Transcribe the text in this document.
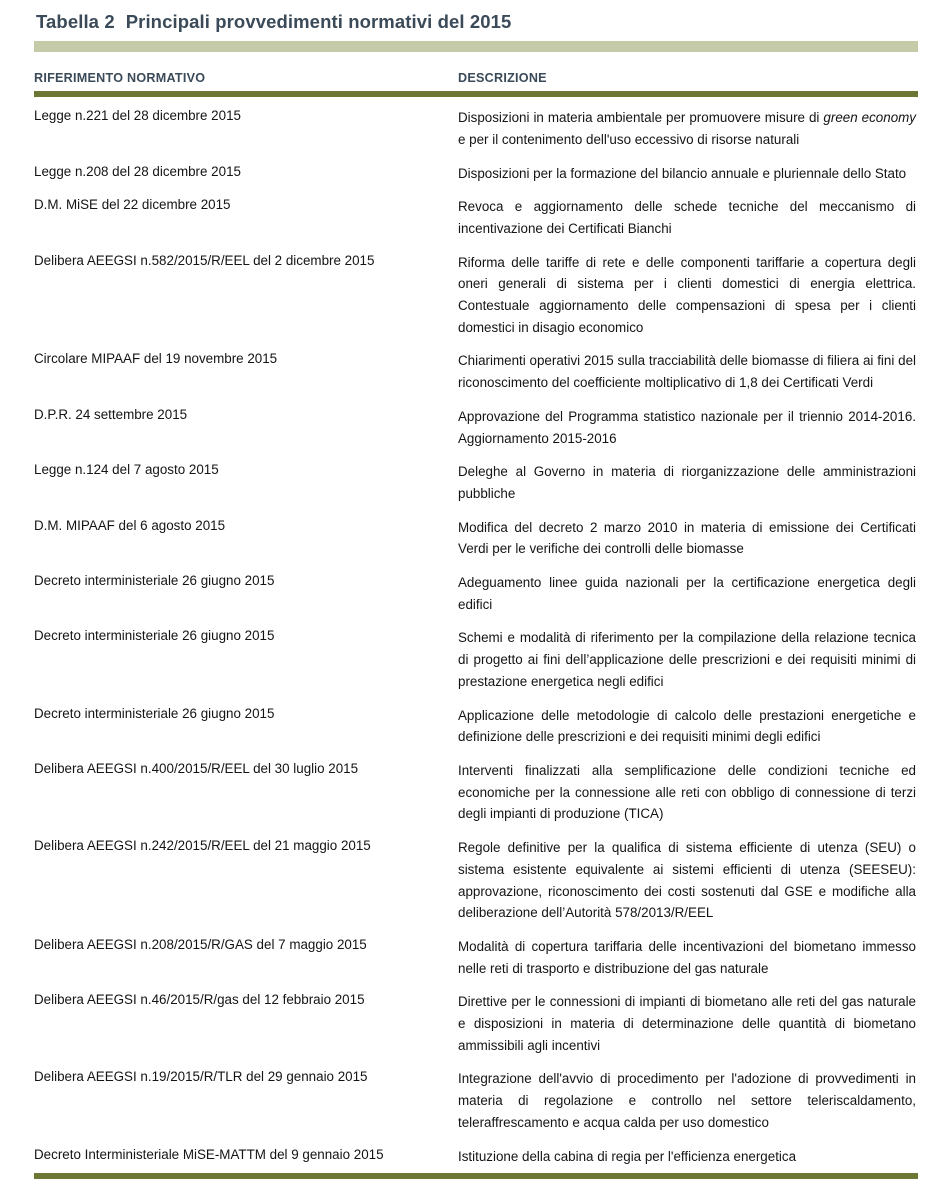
Tabella 2 Principali provvedimenti normativi del 2015
RIFERIMENTO NORMATIVO	DESCRIZIONE
Legge n.221 del 28 dicembre 2015	Disposizioni in materia ambientale per promuovere misure di green economy e per il contenimento dell'uso eccessivo di risorse naturali
Legge n.208 del 28 dicembre 2015	Disposizioni per la formazione del bilancio annuale e pluriennale dello Stato
D.M. MiSE del 22 dicembre 2015	Revoca e aggiornamento delle schede tecniche del meccanismo di incentivazione dei Certificati Bianchi
Delibera AEEGSI n.582/2015/R/EEL del 2 dicembre 2015	Riforma delle tariffe di rete e delle componenti tariffarie a copertura degli oneri generali di sistema per i clienti domestici di energia elettrica. Contestuale aggiornamento delle compensazioni di spesa per i clienti domestici in disagio economico
Circolare MIPAAF del 19 novembre 2015	Chiarimenti operativi 2015 sulla tracciabilità delle biomasse di filiera ai fini del riconoscimento del coefficiente moltiplicativo di 1,8 dei Certificati Verdi
D.P.R. 24 settembre 2015	Approvazione del Programma statistico nazionale per il triennio 2014-2016. Aggiornamento 2015-2016
Legge n.124 del 7 agosto 2015	Deleghe al Governo in materia di riorganizzazione delle amministrazioni pubbliche
D.M. MIPAAF del 6 agosto 2015	Modifica del decreto 2 marzo 2010 in materia di emissione dei Certificati Verdi per le verifiche dei controlli delle biomasse
Decreto interministeriale 26 giugno 2015	Adeguamento linee guida nazionali per la certificazione energetica degli edifici
Decreto interministeriale 26 giugno 2015	Schemi e modalità di riferimento per la compilazione della relazione tecnica di progetto ai fini dell’applicazione delle prescrizioni e dei requisiti minimi di prestazione energetica negli edifici
Decreto interministeriale 26 giugno 2015	Applicazione delle metodologie di calcolo delle prestazioni energetiche e definizione delle prescrizioni e dei requisiti minimi degli edifici
Delibera AEEGSI n.400/2015/R/EEL del 30 luglio 2015	Interventi finalizzati alla semplificazione delle condizioni tecniche ed economiche per la connessione alle reti con obbligo di connessione di terzi degli impianti di produzione (TICA)
Delibera AEEGSI n.242/2015/R/EEL del 21 maggio 2015	Regole definitive per la qualifica di sistema efficiente di utenza (SEU) o sistema esistente equivalente ai sistemi efficienti di utenza (SEESEU): approvazione, riconoscimento dei costi sostenuti dal GSE e modifiche alla deliberazione dell’Autorità 578/2013/R/EEL
Delibera AEEGSI n.208/2015/R/GAS del 7 maggio 2015	Modalità di copertura tariffaria delle incentivazioni del biometano immesso nelle reti di trasporto e distribuzione del gas naturale
Delibera AEEGSI n.46/2015/R/gas del 12 febbraio 2015	Direttive per le connessioni di impianti di biometano alle reti del gas naturale e disposizioni in materia di determinazione delle quantità di biometano ammissibili agli incentivi
Delibera AEEGSI n.19/2015/R/TLR del 29 gennaio 2015	Integrazione dell'avvio di procedimento per l'adozione di provvedimenti in materia di regolazione e controllo nel settore teleriscaldamento, teleraffrescamento e acqua calda per uso domestico
Decreto Interministeriale MiSE-MATTM del 9 gennaio 2015	Istituzione della cabina di regia per l'efficienza energetica
